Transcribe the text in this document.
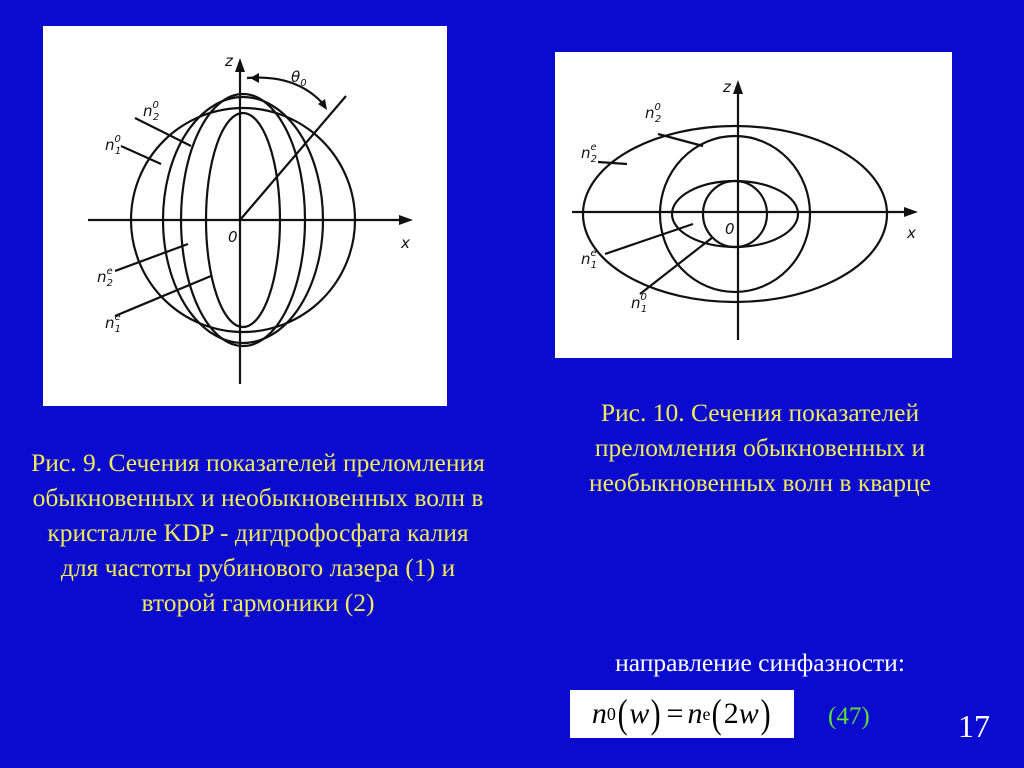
z
x
0
$\theta_0$
$n^0$ 2
$n^0$ 1
$n^e$ 2
$n^e$ 1
z
x
0
$n^0$ 2
$n^e$ 2
$n^e$ 1
$n^0$ 1

Рис. 9. Сечения показателей преломления обыкновенных и необыкновенных волн в кристалле KDP - дигдрофосфата калия для частоты рубинового лазера (1) и второй гармоники (2)

Рис. 10. Сечения показателей преломления обыкновенных и необыкновенных волн в кварце

направление синфазности:

n 0 ( w ) = n e ( 2 w ) (47)	17
